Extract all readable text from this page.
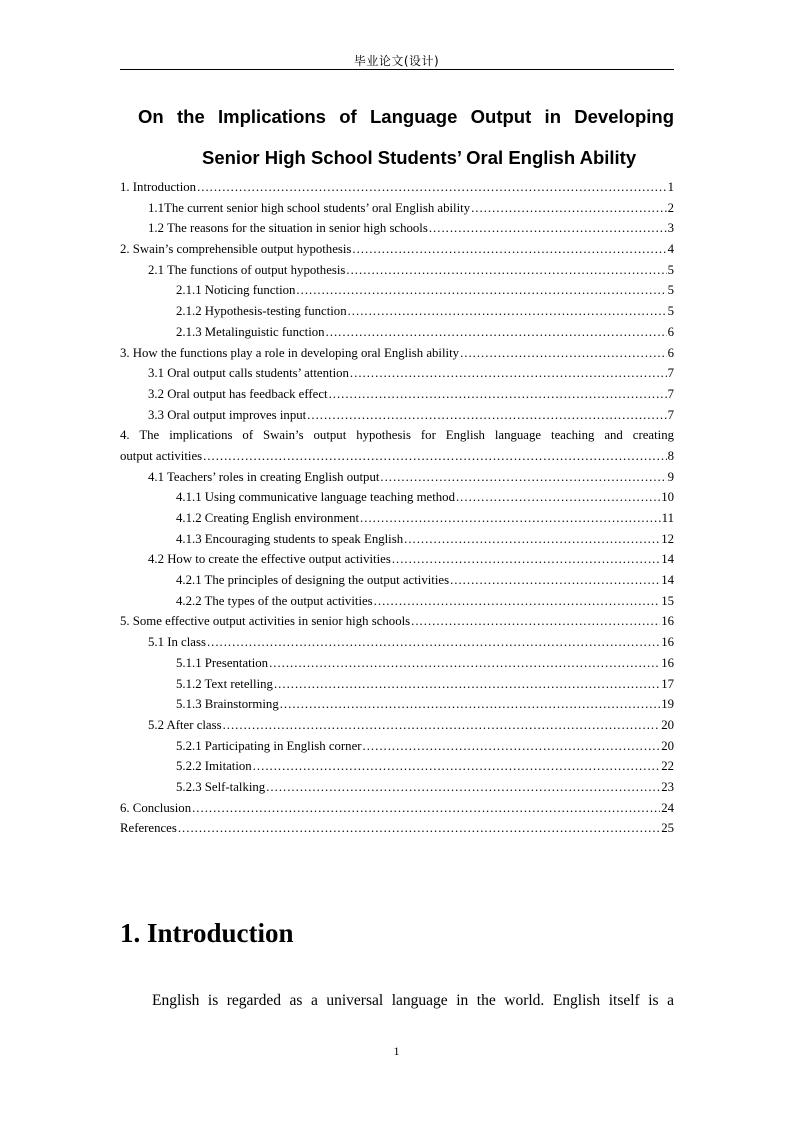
毕业论文(设计)
On the Implications of Language Output in Developing
Senior High School Students’ Oral English Ability
1. Introduction .....	1
1.1The current senior high school students’ oral English ability .....	2
1.2 The reasons for the situation in senior high schools .....	3
2. Swain’s comprehensible output hypothesis .....	4
2.1 The functions of output hypothesis .....	5
2.1.1 Noticing function .....	5
2.1.2 Hypothesis-testing function .....	5
2.1.3 Metalinguistic function .....	6
3. How the functions play a role in developing oral English ability .....	6
3.1 Oral output calls students’ attention .....	7
3.2 Oral output has feedback effect .....	7
3.3 Oral output improves input .....	7
4. The implications of Swain’s output hypothesis for English language teaching and creating
output activities .....	8
4.1 Teachers’ roles in creating English output .....	9
4.1.1 Using communicative language teaching method .....	10
4.1.2 Creating English environment .....	11
4.1.3 Encouraging students to speak English .....	12
4.2 How to create the effective output activities .....	14
4.2.1 The principles of designing the output activities .....	14
4.2.2 The types of the output activities .....	15
5. Some effective output activities in senior high schools .....	16
5.1 In class .....	16
5.1.1 Presentation .....	16
5.1.2 Text retelling .....	17
5.1.3 Brainstorming .....	19
5.2 After class .....	20
5.2.1 Participating in English corner .....	20
5.2.2 Imitation .....	22
5.2.3 Self-talking .....	23
6. Conclusion .....	24
References .....	25
1. Introduction
English is regarded as a universal language in the world. English itself is a
1
